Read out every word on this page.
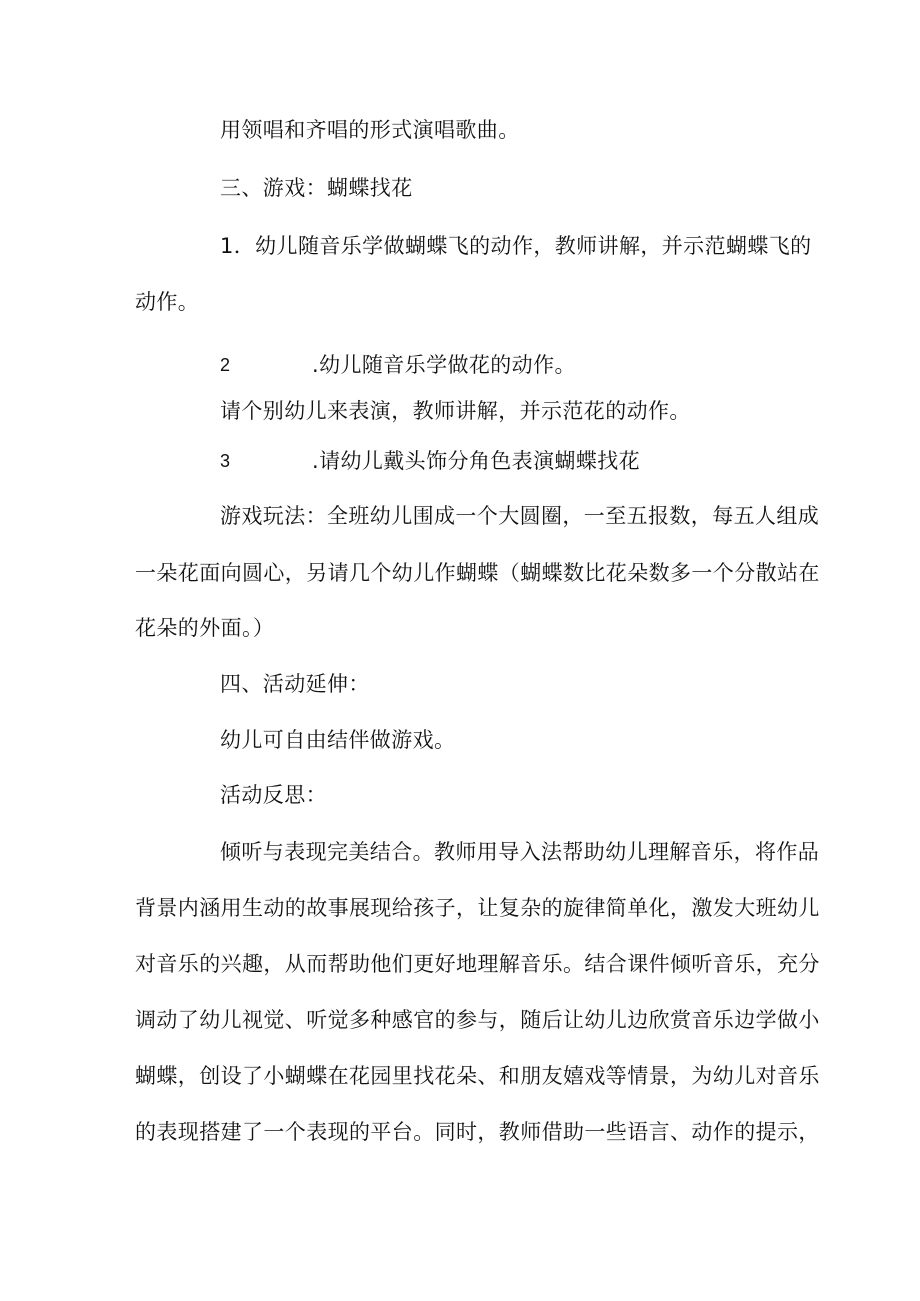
用领唱和齐唱的形式演唱歌曲。
三、游戏：蝴蝶找花
1．幼儿随音乐学做蝴蝶飞的动作，教师讲解，并示范蝴蝶飞的
动作。
2	.幼儿随音乐学做花的动作。
请个别幼儿来表演，教师讲解，并示范花的动作。
3	.请幼儿戴头饰分角色表演蝴蝶找花
游戏玩法：全班幼儿围成一个大圆圈，一至五报数，每五人组成
一朵花面向圆心，另请几个幼儿作蝴蝶（蝴蝶数比花朵数多一个分散站在
花朵的外面。）
四、活动延伸：
幼儿可自由结伴做游戏。
活动反思：
倾听与表现完美结合。教师用导入法帮助幼儿理解音乐，将作品
背景内涵用生动的故事展现给孩子，让复杂的旋律简单化，激发大班幼儿
对音乐的兴趣，从而帮助他们更好地理解音乐。结合课件倾听音乐，充分
调动了幼儿视觉、听觉多种感官的参与，随后让幼儿边欣赏音乐边学做小
蝴蝶，创设了小蝴蝶在花园里找花朵、和朋友嬉戏等情景，为幼儿对音乐
的表现搭建了一个表现的平台。同时，教师借助一些语言、动作的提示，
